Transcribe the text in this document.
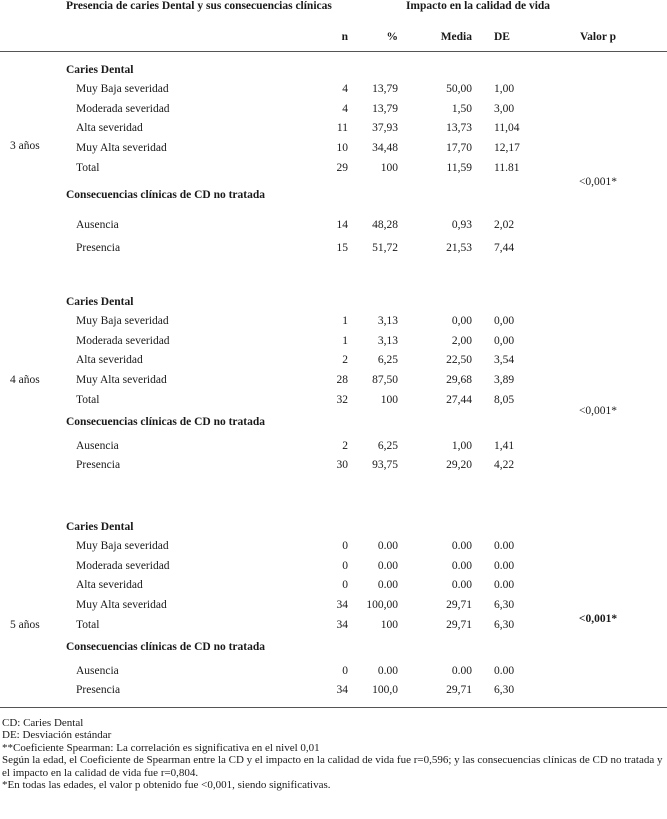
Presencia de caries Dental y sus consecuencias clínicas	Impacto en la calidad de vida
n	%	Media DE	Valor p
Caries Dental
Muy Baja severidad	4	13,79	50,00 1,00
Moderada severidad	4	13,79	1,50 3,00
Alta severidad	11	37,93	13,73 11,04
Muy Alta severidad	10	34,48	17,70 12,17
Total	29	100	11,59 11.81
3 años
Consecuencias clínicas de CD no tratada
Ausencia	14	48,28	0,93 2,02
Presencia	15	51,72	21,53 7,44
<0,001*
Caries Dental
Muy Baja severidad	1	3,13	0,00 0,00
Moderada severidad	1	3,13	2,00 0,00
Alta severidad	2	6,25	22,50 3,54
Muy Alta severidad	28	87,50	29,68 3,89
Total	32	100	27,44 8,05
4 años
Consecuencias clínicas de CD no tratada
Ausencia	2	6,25	1,00 1,41
Presencia	30	93,75	29,20 4,22
<0,001*
Caries Dental
Muy Baja severidad	0	0.00	0.00 0.00
Moderada severidad	0	0.00	0.00 0.00
Alta severidad	0	0.00	0.00 0.00
Muy Alta severidad	34	100,00	29,71 6,30
Total	34	100	29,71 6,30
5 años
Consecuencias clínicas de CD no tratada
Ausencia	0	0.00	0.00 0.00
Presencia	34	100,0	29,71 6,30
<0,001*
CD: Caries Dental
DE: Desviación estándar
**Coeficiente Spearman: La correlación es significativa en el nivel 0,01
Según la edad, el Coeficiente de Spearman entre la CD y el impacto en la calidad de vida fue r=0,596; y las consecuencias clínicas de CD no tratada y el impacto en la calidad de vida fue r=0,804.
*En todas las edades, el valor p obtenido fue <0,001, siendo significativas.
